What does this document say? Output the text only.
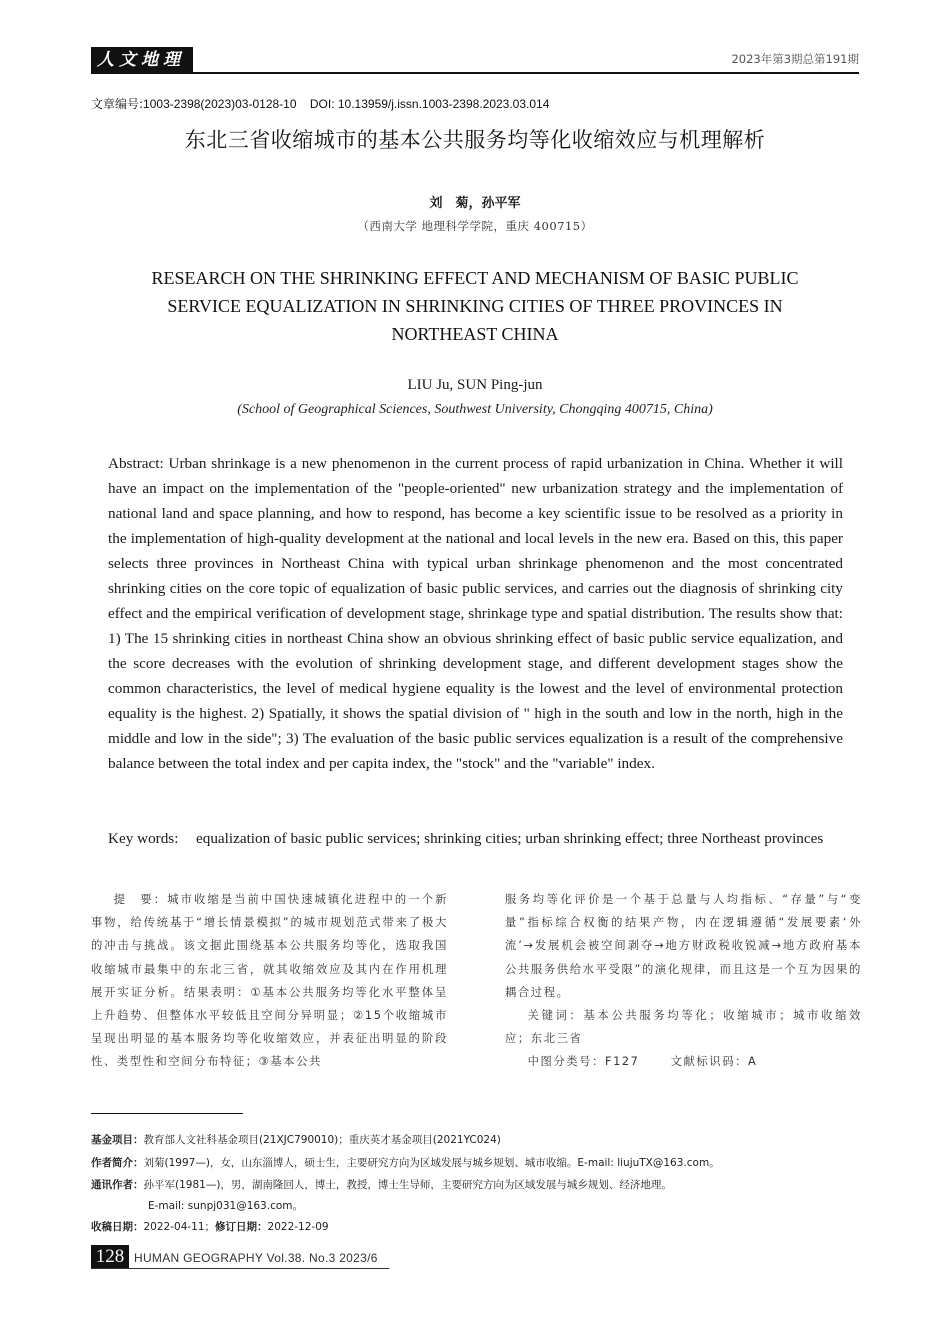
人文地理	2023年第3期总第191期
文章编号:1003-2398(2023)03-0128-10 DOI: 10.13959/j.issn.1003-2398.2023.03.014
东北三省收缩城市的基本公共服务均等化收缩效应与机理解析
刘　菊，孙平军
（西南大学 地理科学学院，重庆 400715）
RESEARCH ON THE SHRINKING EFFECT AND MECHANISM OF BASIC PUBLIC SERVICE EQUALIZATION IN SHRINKING CITIES OF THREE PROVINCES IN NORTHEAST CHINA
LIU Ju, SUN Ping-jun
(School of Geographical Sciences, Southwest University, Chongqing 400715, China)
Abstract: Urban shrinkage is a new phenomenon in the current process of rapid urbanization in China. Whether it will have an impact on the implementation of the "people-oriented" new urbanization strategy and the implementation of national land and space planning, and how to respond, has become a key scientific issue to be resolved as a priority in the implementation of high-quality development at the national and local levels in the new era. Based on this, this paper selects three provinces in Northeast China with typical urban shrinkage phenomenon and the most concentrated shrinking cities on the core topic of equalization of basic public services, and carries out the diagnosis of shrinking city effect and the empirical verification of development stage, shrinkage type and spatial distribution. The results show that: 1) The 15 shrinking cities in northeast China show an obvious shrinking effect of basic public service equalization, and the score decreases with the evolution of shrinking development stage, and different development stages show the common characteristics, the level of medical hygiene equality is the lowest and the level of environmental protection equality is the highest. 2) Spatially, it shows the spatial division of " high in the south and low in the north, high in the middle and low in the side"; 3) The evaluation of the basic public services equalization is a result of the comprehensive balance between the total index and per capita index, the "stock" and the "variable" index.
Key words:	equalization of basic public services; shrinking cities; urban shrinking effect; three Northeast provinces

提　要：城市收缩是当前中国快速城镇化进程中的一个新事物，给传统基于“增长情景模拟”的城市规划范式带来了极大的冲击与挑战。该文据此围绕基本公共服务均等化，选取我国收缩城市最集中的东北三省，就其收缩效应及其内在作用机理展开实证分析。结果表明：①基本公共服务均等化水平整体呈上升趋势、但整体水平较低且空间分异明显；②15个收缩城市呈现出明显的基本服务均等化收缩效应，并表征出明显的阶段性、类型性和空间分布特征；③基本公共

服务均等化评价是一个基于总量与人均指标、“存量”与“变量”指标综合权衡的结果产物，内在逻辑遵循“发展要素‘外流’→发展机会被空间剥夺→地方财政税收锐减→地方政府基本公共服务供给水平受限”的演化规律，而且这是一个互为因果的耦合过程。

关键词：基本公共服务均等化；收缩城市；城市收缩效应；东北三省

中图分类号：F127	文献标识码：A

基金项目：教育部人文社科基金项目(21XJC790010)；重庆英才基金项目(2021YC024)
作者简介：刘菊(1997—)，女，山东淄博人，硕士生，主要研究方向为区域发展与城乡规划、城市收缩。E-mail: liujuTX@163.com。
通讯作者：孙平军(1981—)，男，湖南隆回人，博士，教授，博士生导师，主要研究方向为区域发展与城乡规划、经济地理。
E-mail: sunpj031@163.com。
收稿日期：2022-04-11；修订日期：2022-12-09
128 HUMAN GEOGRAPHY Vol.38. No.3 2023/6
